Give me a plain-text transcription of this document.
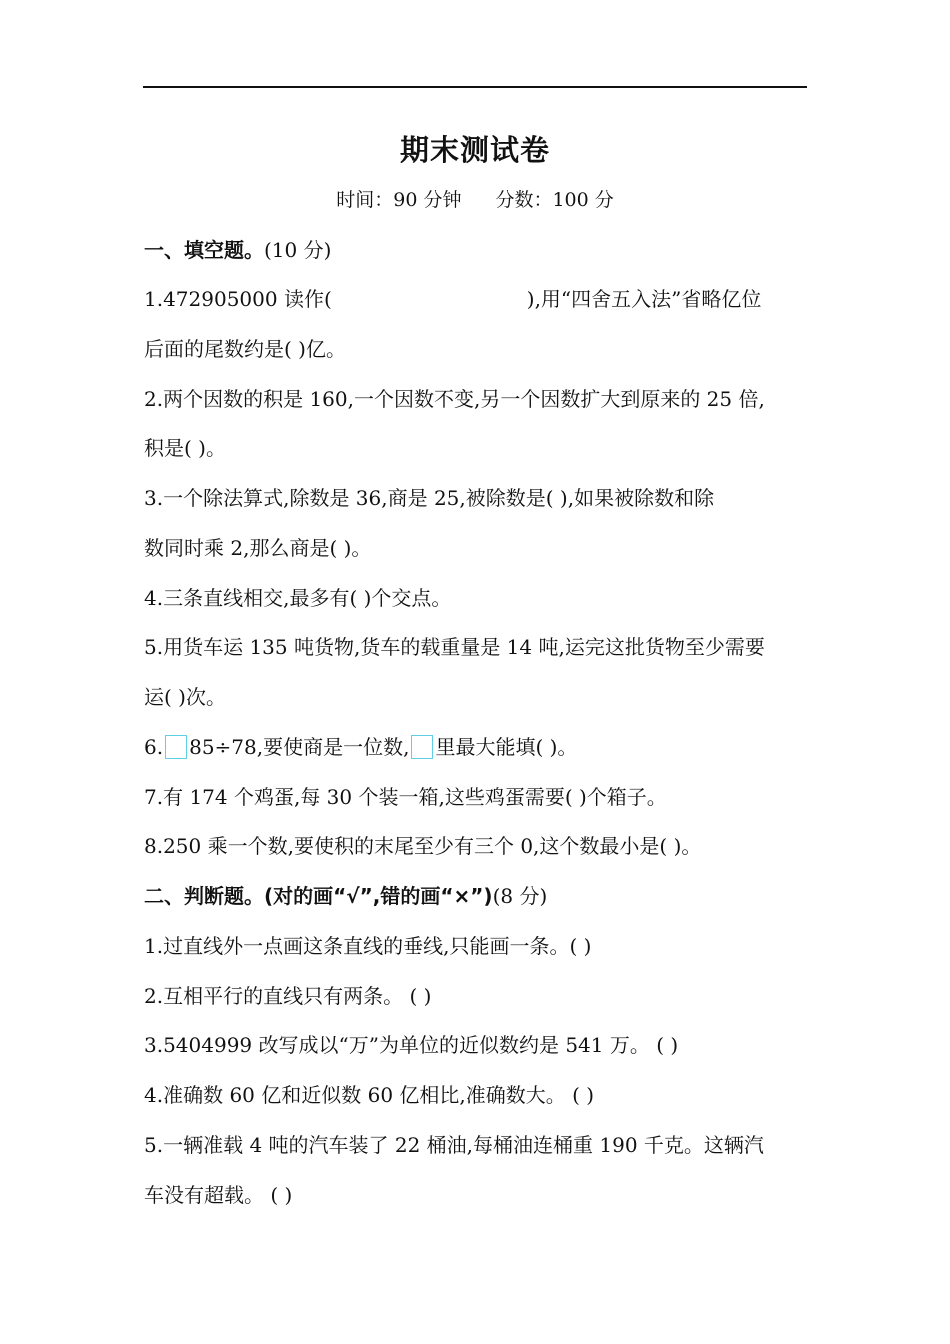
期末测试卷
时间：90 分钟 分数：100 分
一、填空题。(10 分)
1.472905000 读作(	),用“四舍五入法”省略亿位
后面的尾数约是( )亿。
2.两个因数的积是 160,一个因数不变,另一个因数扩大到原来的 25 倍,
积是( )。
3.一个除法算式,除数是 36,商是 25,被除数是( ),如果被除数和除
数同时乘 2,那么商是( )。
4.三条直线相交,最多有( )个交点。
5.用货车运 135 吨货物,货车的载重量是 14 吨,运完这批货物至少需要
运( )次。
6. 85÷78,要使商是一位数, 里最大能填( )。
7.有 174 个鸡蛋,每 30 个装一箱,这些鸡蛋需要( )个箱子。
8.250 乘一个数,要使积的末尾至少有三个 0,这个数最小是( )。
二、判断题。(对的画“√”,错的画“×”)(8 分)
1.过直线外一点画这条直线的垂线,只能画一条。( )
2.互相平行的直线只有两条。 ( )
3.5404999 改写成以“万”为单位的近似数约是 541 万。 ( )
4.准确数 60 亿和近似数 60 亿相比,准确数大。 ( )
5.一辆准载 4 吨的汽车装了 22 桶油,每桶油连桶重 190 千克。这辆汽
车没有超载。 ( )
